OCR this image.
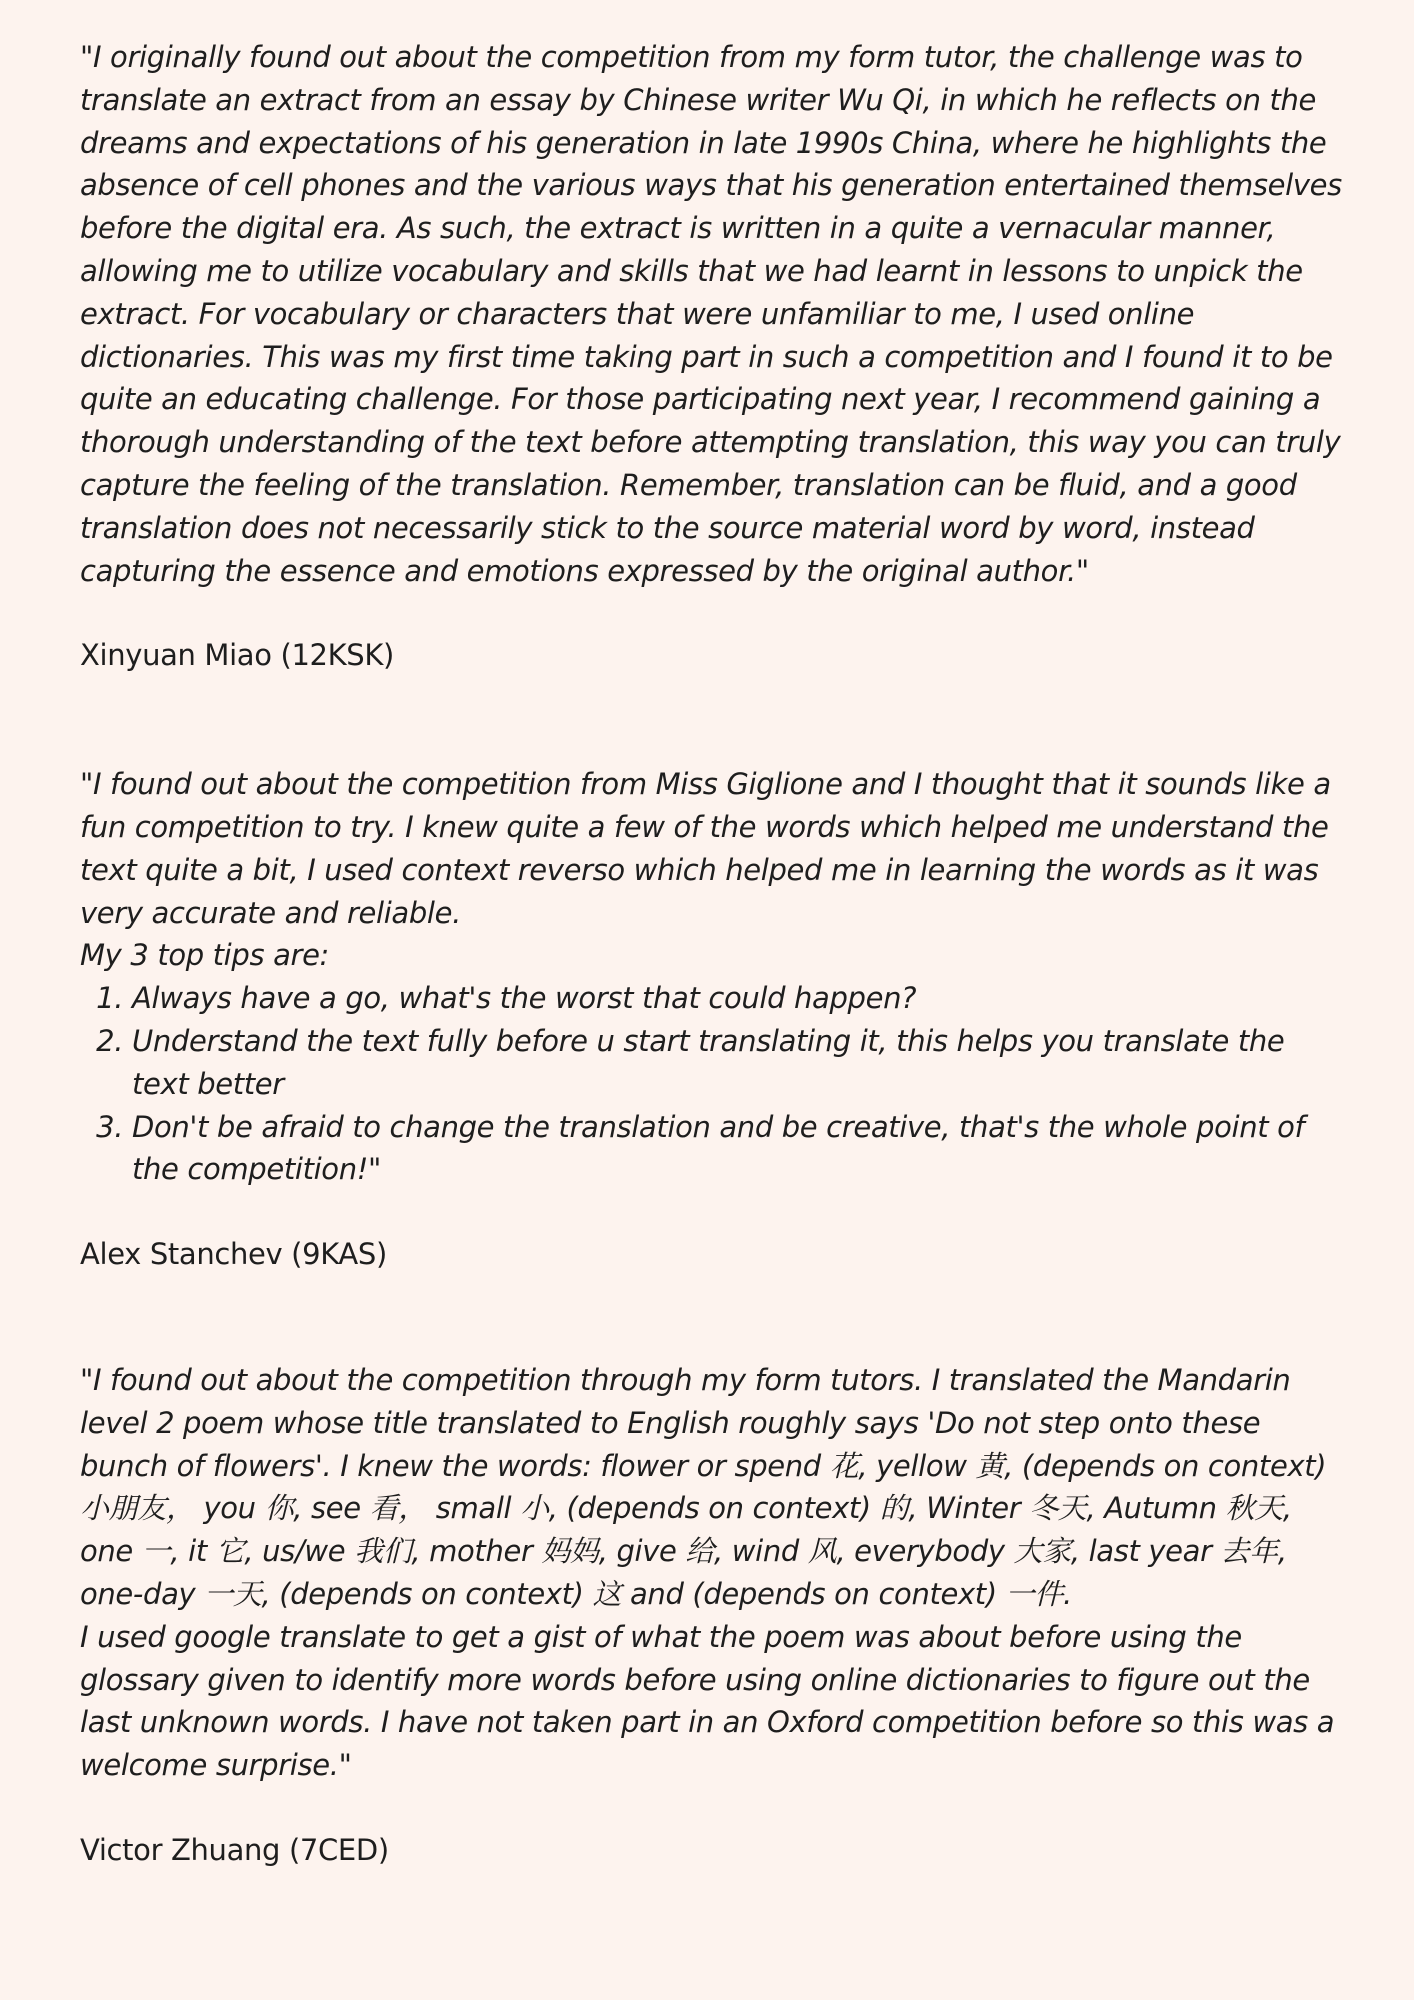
"I originally found out about the competition from my form tutor, the challenge was to translate an extract from an essay by Chinese writer Wu Qi, in which he reflects on the dreams and expectations of his generation in late 1990s China, where he highlights the absence of cell phones and the various ways that his generation entertained themselves before the digital era. As such, the extract is written in a quite a vernacular manner, allowing me to utilize vocabulary and skills that we had learnt in lessons to unpick the extract. For vocabulary or characters that were unfamiliar to me, I used online dictionaries. This was my first time taking part in such a competition and I found it to be quite an educating challenge. For those participating next year, I recommend gaining a thorough understanding of the text before attempting translation, this way you can truly capture the feeling of the translation. Remember, translation can be fluid, and a good translation does not necessarily stick to the source material word by word, instead capturing the essence and emotions expressed by the original author."

Xinyuan Miao (12KSK)

"I found out about the competition from Miss Giglione and I thought that it sounds like a fun competition to try. I knew quite a few of the words which helped me understand the text quite a bit, I used context reverso which helped me in learning the words as it was very accurate and reliable.

My 3 top tips are:

1. Always have a go, what's the worst that could happen?
2. Understand the text fully before u start translating it, this helps you translate the text better
3. Don't be afraid to change the translation and be creative, that's the whole point of the competition!"

Alex Stanchev (9KAS)

"I found out about the competition through my form tutors. I translated the Mandarin level 2 poem whose title translated to English roughly says 'Do not step onto these bunch of flowers'. I knew the words: flower or spend 花, yellow 黄, (depends on context) 小朋友， you 你, see 看， small 小, (depends on context) 的, Winter 冬天, Autumn 秋天, one 一, it 它, us/we 我们, mother 妈妈, give 给, wind 风, everybody 大家, last year 去年, one-day 一天, (depends on context) 这 and (depends on context) 一件.

I used google translate to get a gist of what the poem was about before using the glossary given to identify more words before using online dictionaries to figure out the last unknown words. I have not taken part in an Oxford competition before so this was a welcome surprise."

Victor Zhuang (7CED)
